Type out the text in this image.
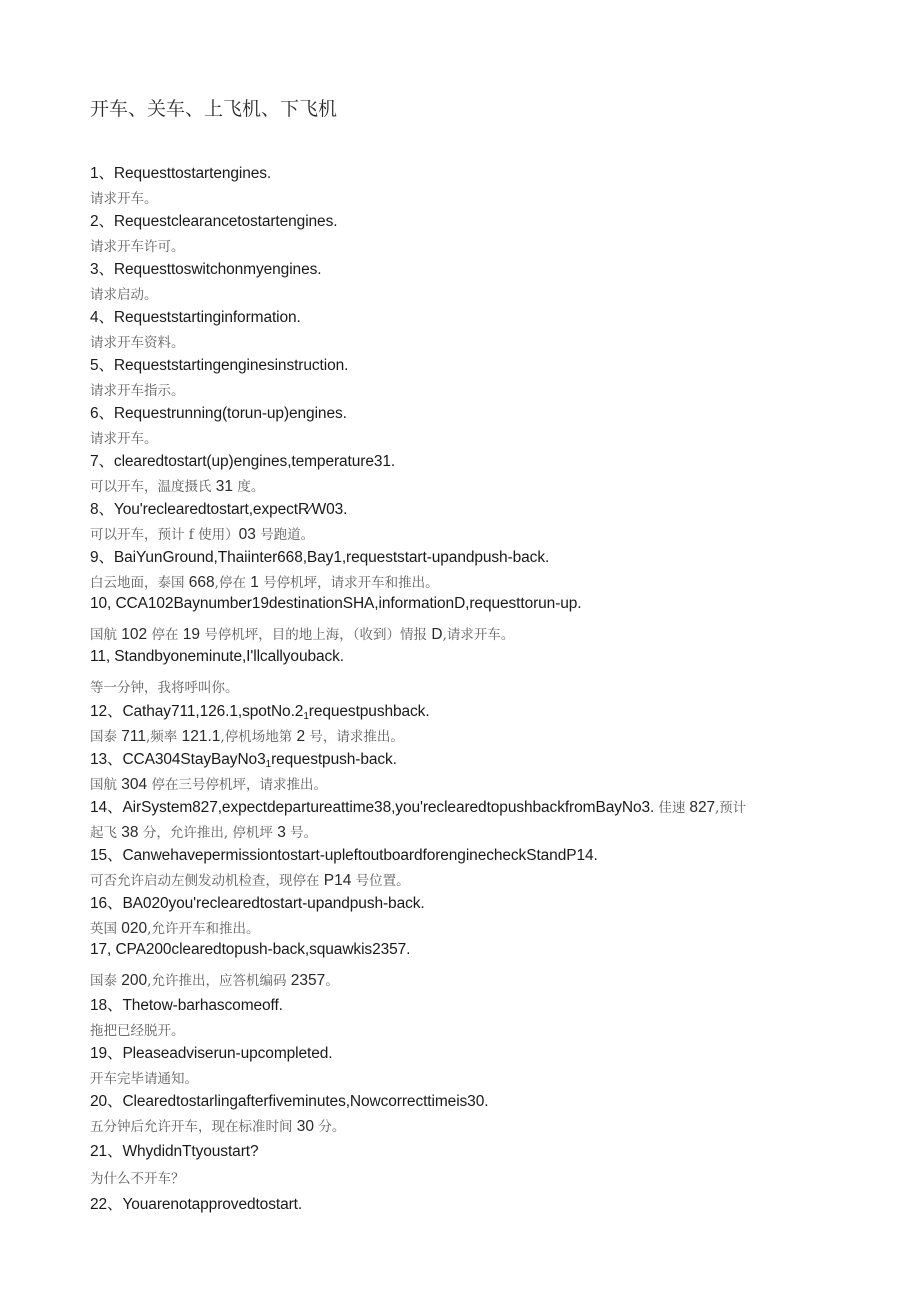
开车、关车、上飞机、下飞机
1、Requesttostartengines.
请求开车。
2、Requestclearancetostartengines.
请求开车许可。
3、Requesttoswitchonmyengines.
请求启动。
4、Requeststartinginformation.
请求开车资料。
5、Requeststartingenginesinstruction.
请求开车指示。
6、Requestrunning(torun-up)engines.
请求开车。
7、clearedtostart(up)engines,temperature31.
可以开车，温度摄氏 31 度。
8、You'reclearedtostart,expectR∕W03.
可以开车，预计 f 使用）03 号跑道。
9、BaiYunGround,Thaiinter668,Bay1,requeststart-upandpush-back.
白云地面，泰国 668,停在 1 号停机坪，请求开车和推出。
10, CCA102Baynumber19destinationSHA,informationD,requesttorun-up.
国航 102 停在 19 号停机坪，目的地上海，（收到）情报 D,请求开车。
11, Standbyoneminute,I'llcallyouback.
等一分钟，我将呼叫你。
12、$Cathay711,126.1,spotNo.2_1requestpushback$.
国泰 711,频率 121.1,停机场地第 2 号，请求推出。
13、$CCA304StayBayNo3_1requestpush$-back.
国航 304 停在三号停机坪，请求推出。
14、AirSystem827,expectdepartureattime38,you'reclearedtopushbackfromBayNo3. 佳速 827,预计
起飞 38 分，允许推出, 停机坪 3 号。
15、Canwehavepermissiontostart-upleftoutboardforenginecheckStandP14.
可否允许启动左侧发动机检查，现停在 P14 号位置。
16、BA020you'reclearedtostart-upandpush-back.
英国 020,允许开车和推出。
17, CPA200clearedtopush-back,squawkis2357.
国泰 200,允许推出，应答机编码 2357。
18、Thetow-barhascomeoff.
拖把已经脱开。
19、Pleaseadviserun-upcompleted.
开车完毕请通知。
20、Clearedtostarlingafterfiveminutes,Nowcorrecttimeis30.
五分钟后允许开车，现在标准时间 30 分。
21、WhydidnTtyoustart?
为什么不开车？
22、Youarenotapprovedtostart.
